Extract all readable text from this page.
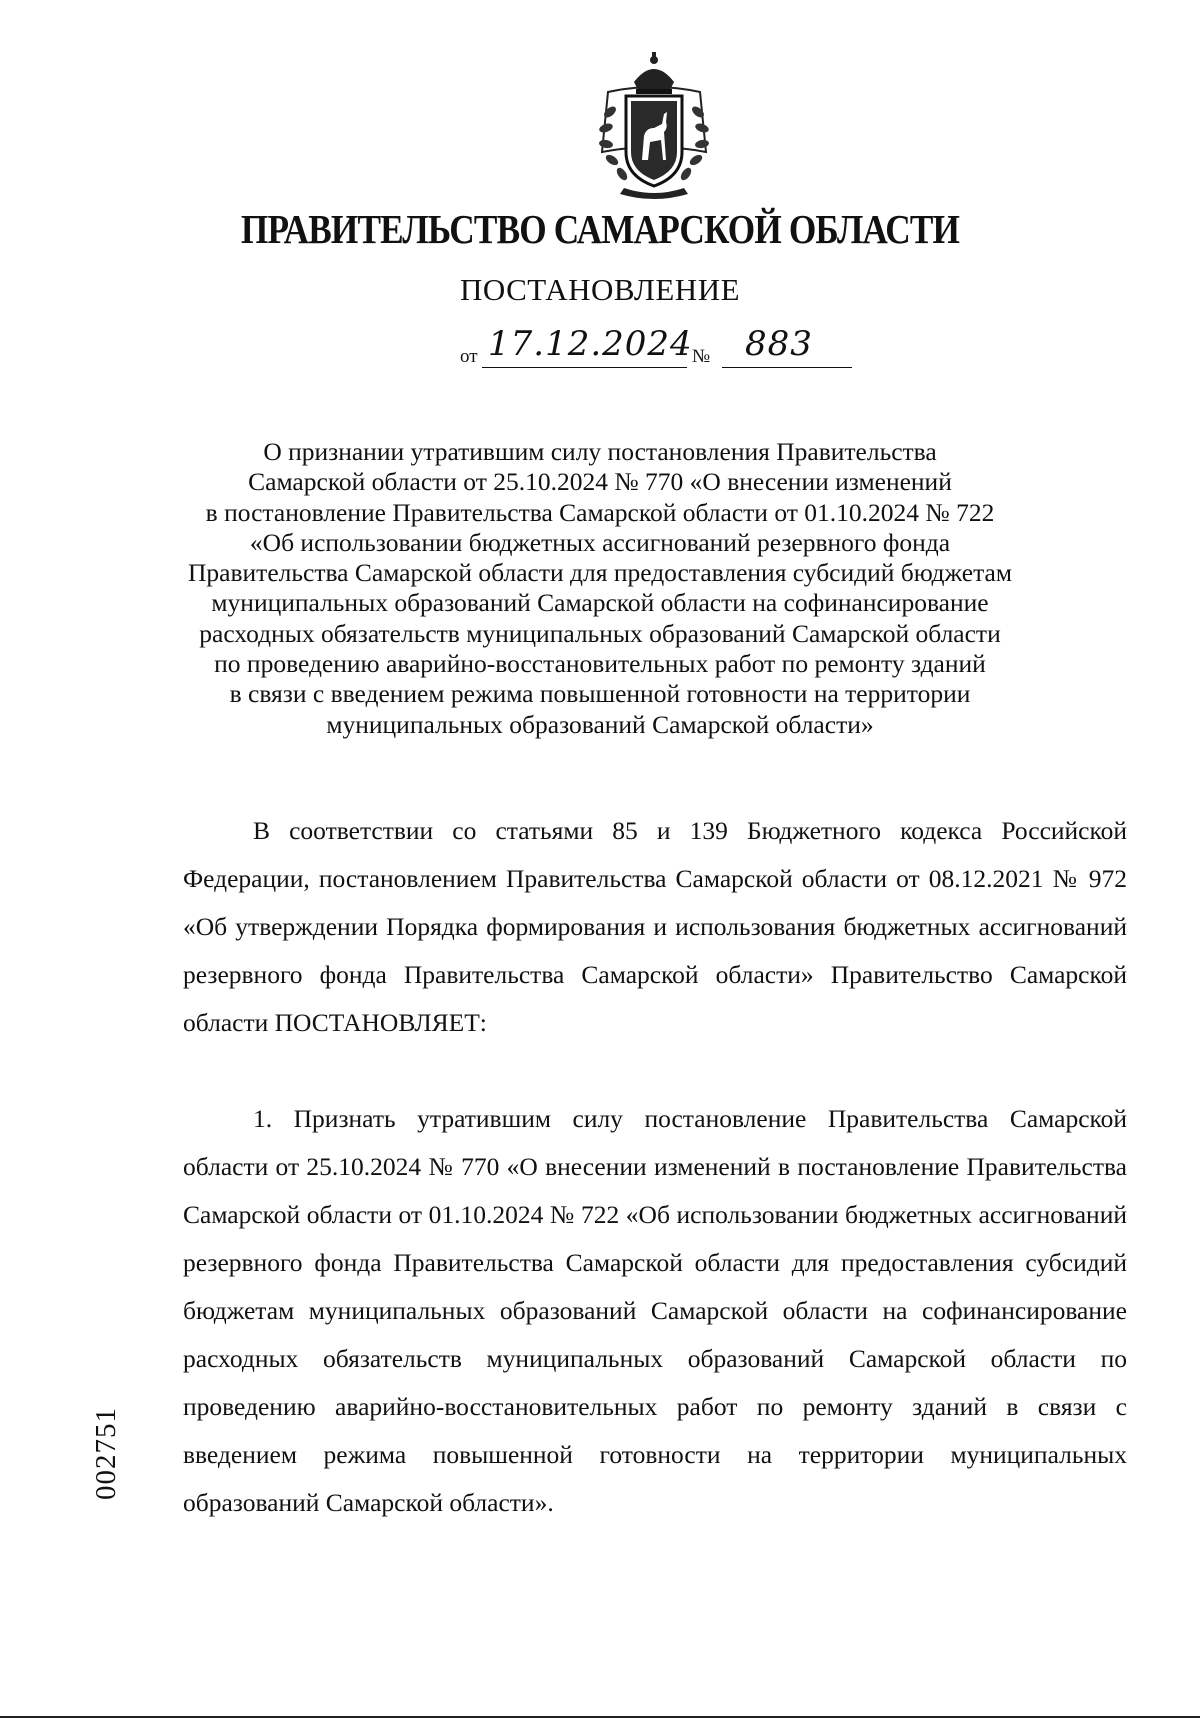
ПРАВИТЕЛЬСТВО САМАРСКОЙ ОБЛАСТИ
ПОСТАНОВЛЕНИЕ
от 17.12.2024 № 883
О признании утратившим силу постановления Правительства
Самарской области от 25.10.2024 № 770 «О внесении изменений
в постановление Правительства Самарской области от 01.10.2024 № 722
«Об использовании бюджетных ассигнований резервного фонда
Правительства Самарской области для предоставления субсидий бюджетам
муниципальных образований Самарской области на софинансирование
расходных обязательств муниципальных образований Самарской области
по проведению аварийно-восстановительных работ по ремонту зданий
в связи с введением режима повышенной готовности на территории
муниципальных образований Самарской области»

В соответствии со статьями 85 и 139 Бюджетного кодекса Российской Федерации, постановлением Правительства Самарской области от 08.12.2021 № 972 «Об утверждении Порядка формирования и использования бюджетных ассигнований резервного фонда Правительства Самарской области» Правительство Самарской области ПОСТАНОВЛЯЕТ:

1. Признать утратившим силу постановление Правительства Самарской области от 25.10.2024 № 770 «О внесении изменений в постановление Правительства Самарской области от 01.10.2024 № 722 «Об использовании бюджетных ассигнований резервного фонда Правительства Самарской области для предоставления субсидий бюджетам муниципальных образований Самарской области на софинансирование расходных обязательств муниципальных образований Самарской области по проведению аварийно-восстановительных работ по ремонту зданий в связи с введением режима повышенной готовности на территории муниципальных образований Самарской области».

002751
